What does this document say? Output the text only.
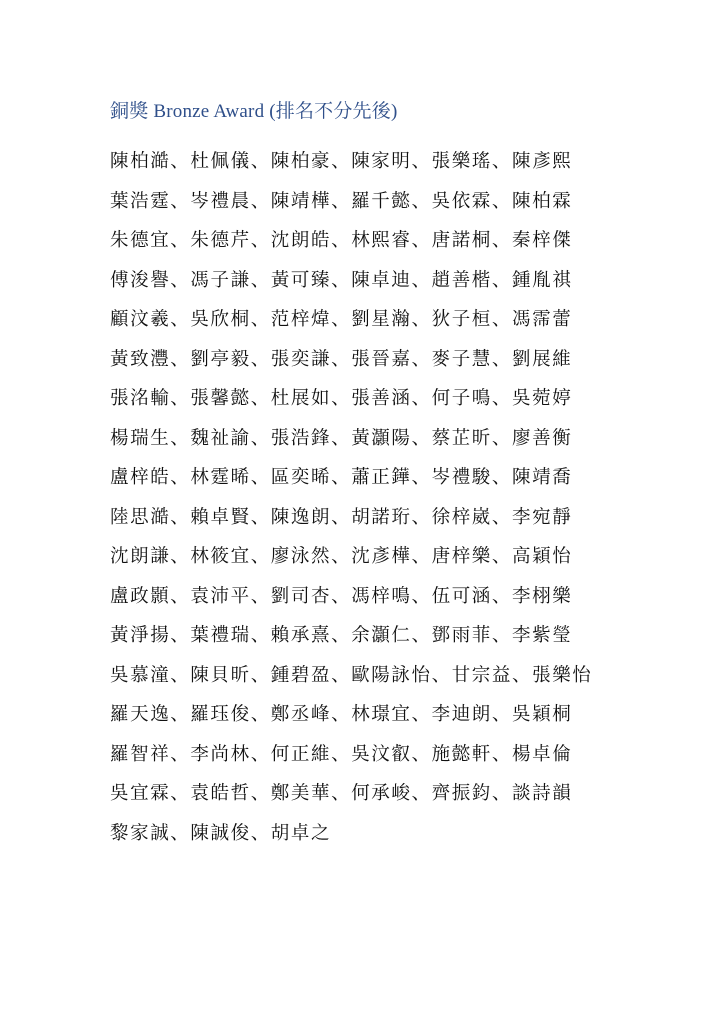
銅獎 Bronze Award (排名不分先後)
陳柏澔、杜佩儀、陳柏豪、陳家明、張樂瑤、陳彥熙
葉浩霆、岑禮晨、陳靖樺、羅千懿、吳依霖、陳柏霖
朱德宜、朱德芹、沈朗皓、林熙睿、唐諾桐、秦梓傑
傅浚譽、馮子謙、黃可臻、陳卓迪、趙善楷、鍾胤祺
顧汶羲、吳欣桐、范梓煒、劉星瀚、狄子桓、馮霈蕾
黃致灃、劉亭毅、張奕謙、張晉嘉、麥子慧、劉展維
張洺輸、張馨懿、杜展如、張善涵、何子鳴、吳菀婷
楊瑞生、魏祉諭、張浩鋒、黃灝陽、蔡芷昕、廖善衡
盧梓皓、林霆晞、區奕晞、蕭正鏵、岑禮駿、陳靖喬
陸思澔、賴卓賢、陳逸朗、胡諾珩、徐梓崴、李宛靜
沈朗謙、林筱宜、廖泳然、沈彥樺、唐梓樂、高穎怡
盧政顥、袁沛平、劉司杏、馮梓鳴、伍可涵、李栩樂
黃淨揚、葉禮瑞、賴承熹、余灝仁、鄧雨菲、李紫瑩
吳慕潼、陳貝昕、鍾碧盈、歐陽詠怡、甘宗益、張樂怡
羅天逸、羅珏俊、鄭丞峰、林璟宜、李迪朗、吳穎桐
羅智祥、李尚林、何正維、吳汶叡、施懿軒、楊卓倫
吳宜霖、袁皓哲、鄭美華、何承峻、齊振鈞、談詩韻
黎家誠、陳誠俊、胡卓之
